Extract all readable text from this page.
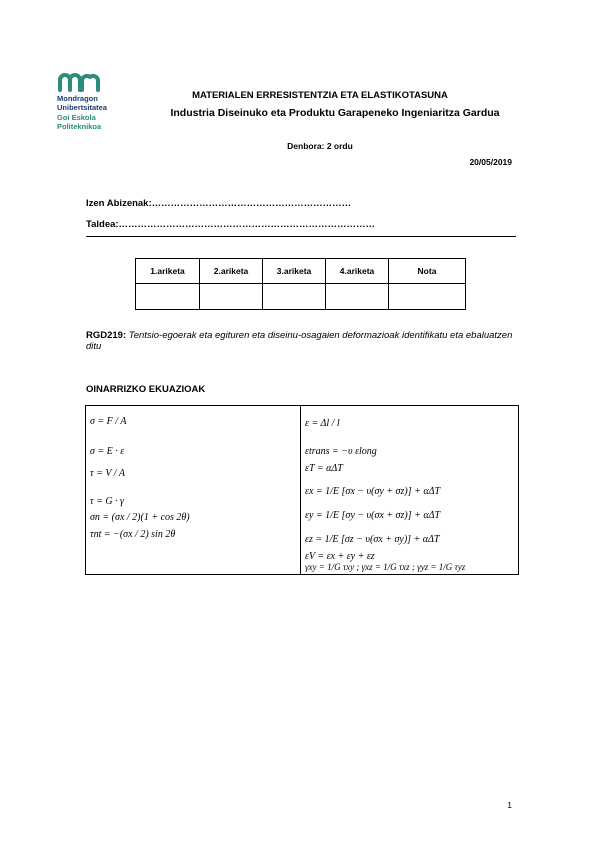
Mondragon
Unibertsitatea
Goi Eskola
Politeknikoa
MATERIALEN ERRESISTENTZIA ETA ELASTIKOTASUNA
Industria Diseinuko eta Produktu Garapeneko Ingeniaritza Gardua
Denbora: 2 ordu
20/05/2019
Izen Abizenak:………………………………………………………
Taldea:………………………………………………………………………
1.ariketa	2.ariketa	3.ariketa	4.ariketa	Nota

RGD219: Tentsio-egoerak eta egituren eta diseinu-osagaien deformazioak identifikatu eta ebaluatzen ditu
OINARRIZKO EKUAZIOAK
σ = F / A
σ = E · ε
τ = V / A
τ = G · γ
σn = (σx / 2)(1 + cos 2θ)
τnt = −(σx / 2) sin 2θ
ε = Δl / l
εtrans = −υ εlong
εT = αΔT
εx = 1/E [σx − υ(σy + σz)] + αΔT
εy = 1/E [σy − υ(σx + σz)] + αΔT
εz = 1/E [σz − υ(σx + σy)] + αΔT
εV = εx + εy + εz
γxy = 1/G τxy ; γxz = 1/G τxz ; γyz = 1/G τyz
1
